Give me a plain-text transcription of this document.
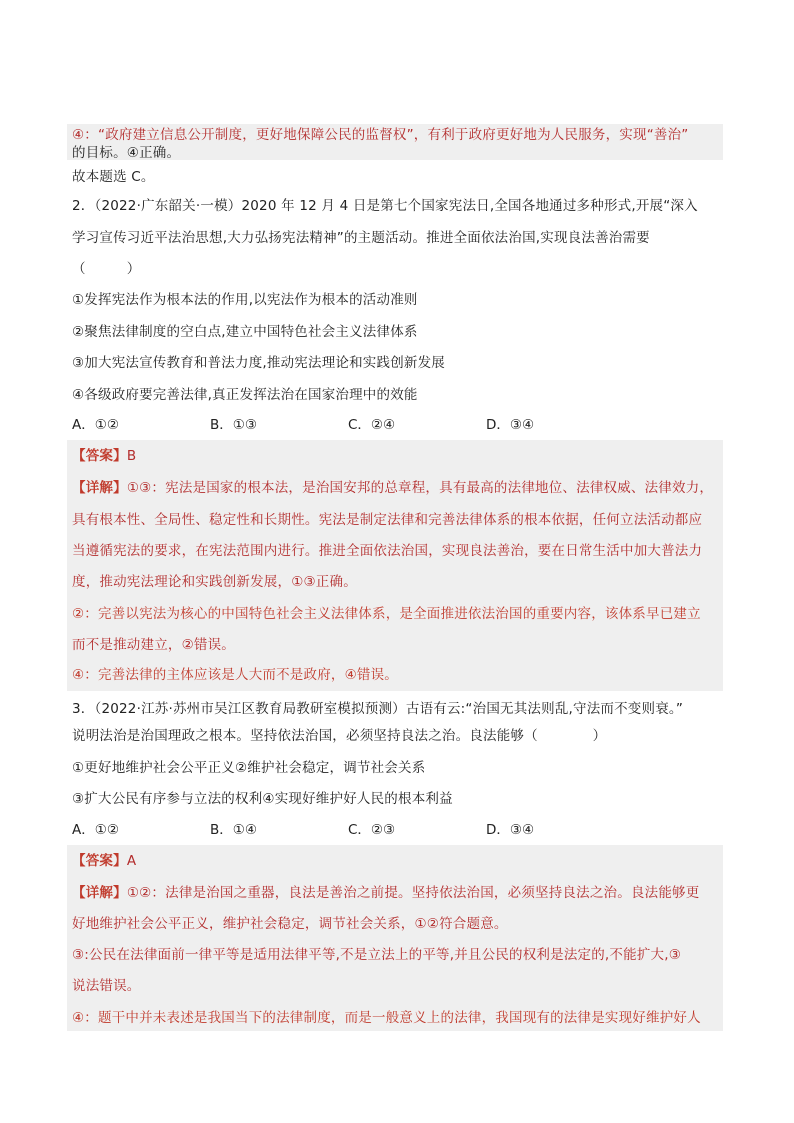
④：“政府建立信息公开制度，更好地保障公民的监督权”，有利于政府更好地为人民服务，实现“善治”
的目标。④正确。
故本题选 C。
2．（2022·广东韶关·一模）2020 年 12 月 4 日是第七个国家宪法日,全国各地通过多种形式,开展“深入
学习宣传习近平法治思想,大力弘扬宪法精神”的主题活动。推进全面依法治国,实现良法善治需要
（　　　）
①发挥宪法作为根本法的作用,以宪法作为根本的活动准则
②聚焦法律制度的空白点,建立中国特色社会主义法律体系
③加大宪法宣传教育和普法力度,推动宪法理论和实践创新发展
④各级政府要完善法律,真正发挥法治在国家治理中的效能
A．①②	B．①③	C．②④	D．③④
【答案】B
【详解】①③：宪法是国家的根本法，是治国安邦的总章程，具有最高的法律地位、法律权威、法律效力，
具有根本性、全局性、稳定性和长期性。宪法是制定法律和完善法律体系的根本依据，任何立法活动都应
当遵循宪法的要求，在宪法范围内进行。推进全面依法治国，实现良法善治，要在日常生活中加大普法力
度，推动宪法理论和实践创新发展，①③正确。
②：完善以宪法为核心的中国特色社会主义法律体系，是全面推进依法治国的重要内容，该体系早已建立
而不是推动建立，②错误。
④：完善法律的主体应该是人大而不是政府，④错误。
3．（2022·江苏·苏州市吴江区教育局教研室模拟预测）古语有云:“治国无其法则乱,守法而不变则衰。”
说明法治是治国理政之根本。坚持依法治国，必须坚持良法之治。良法能够（　　　　）
①更好地维护社会公平正义②维护社会稳定，调节社会关系
③扩大公民有序参与立法的权利④实现好维护好人民的根本利益
A．①②	B．①④	C．②③	D．③④
【答案】A
【详解】①②：法律是治国之重器，良法是善治之前提。坚持依法治国，必须坚持良法之治。良法能够更
好地维护社会公平正义，维护社会稳定，调节社会关系，①②符合题意。
③:公民在法律面前一律平等是适用法律平等,不是立法上的平等,并且公民的权利是法定的,不能扩大,③
说法错误。
④：题干中并未表述是我国当下的法律制度，而是一般意义上的法律，我国现有的法律是实现好维护好人
